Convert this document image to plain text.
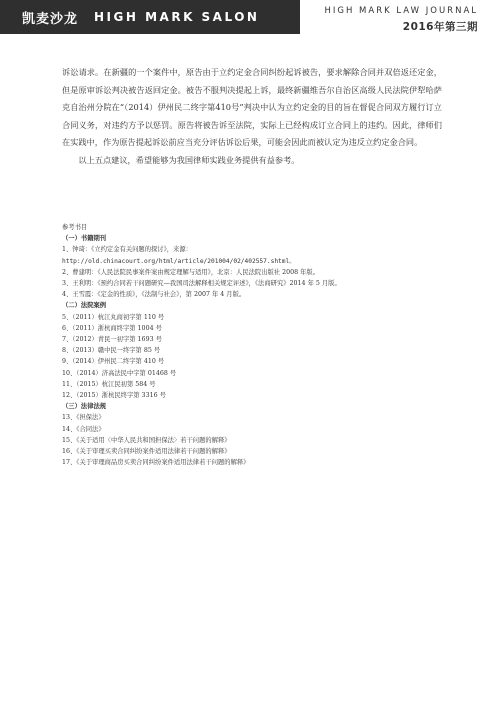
凯麦沙龙 HIGH MARK SALON	HIGH MARK LAW JOURNAL
2016年第三期

诉讼请求。在新疆的一个案件中，原告由于立约定金合同纠纷起诉被告，要求解除合同并双倍返还定金，但是原审诉讼判决被告返回定金。被告不服判决提起上诉，最终新疆维吾尔自治区高级人民法院伊犁哈萨克自治州分院在“（2014）伊州民二终字第410号”判决中认为立约定金的目的旨在督促合同双方履行订立合同义务，对违约方予以惩罚。原告将被告诉至法院，实际上已经构成订立合同上的违约。因此，律师们在实践中，作为原告提起诉讼前应当充分评估诉讼后果，可能会因此而被认定为违反立约定金合同。

以上五点建议，希望能够为我国律师实践业务提供有益参考。

参考书目
（一）书籍期刊
1、钟琦：《立约定金有关问题的探讨》，来源：
http://old.chinacourt.org/html/article/201004/02/402557.shtml。
2、曹建明：《人民法院民事案件案由规定理解与适用》，北京：人民法院出版社 2008 年版。
3、王利明：《预约合同若干问题研究—我国司法解释相关规定评述》，《法商研究》2014 年 5 月版。
4、王雪霞：《定金的性质》，《法制与社会》，第 2007 年 4 月版。
（二）法院案例
5、（2011）杭江丸商初字第 110 号
6、（2011）浙杭商终字第 1004 号
7、（2012）青民一初字第 1693 号
8、（2013）赣中民一终字第 85 号
9、（2014）伊州民二终字第 410 号
10、（2014）济高法民中字第 01468 号
11、（2015）杭江民初第 584 号
12、（2015）浙杭民终字第 3316 号
（三）法律法规
13、《担保法》
14、《合同法》
15、《关于适用〈中华人民共和国担保法〉若干问题的解释》
16、《关于审理买卖合同纠纷案件适用法律若干问题的解释》
17、《关于审理商品房买卖合同纠纷案件适用法律若干问题的解释》
